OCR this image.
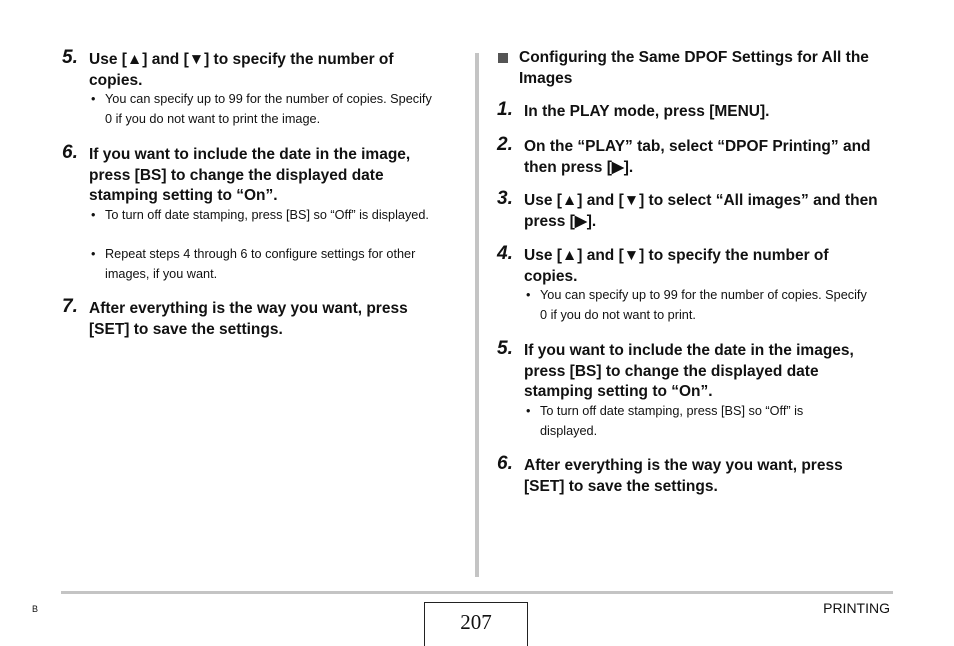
5. Use [▲] and [▼] to specify the number of copies.
• You can specify up to 99 for the number of copies. Specify 0 if you do not want to print the image.
6. If you want to include the date in the image, press [BS] to change the displayed date stamping setting to “On”.
• To turn off date stamping, press [BS] so “Off” is displayed.
• Repeat steps 4 through 6 to configure settings for other images, if you want.
7. After everything is the way you want, press [SET] to save the settings.
Configuring the Same DPOF Settings for All the Images
1. In the PLAY mode, press [MENU].
2. On the “PLAY” tab, select “DPOF Printing” and then press [▶].
3. Use [▲] and [▼] to select “All images” and then press [▶].
4. Use [▲] and [▼] to specify the number of copies.
• You can specify up to 99 for the number of copies. Specify 0 if you do not want to print.
5. If you want to include the date in the images, press [BS] to change the displayed date stamping setting to “On”.
• To turn off date stamping, press [BS] so “Off” is displayed.
6. After everything is the way you want, press [SET] to save the settings.
B
207
PRINTING
